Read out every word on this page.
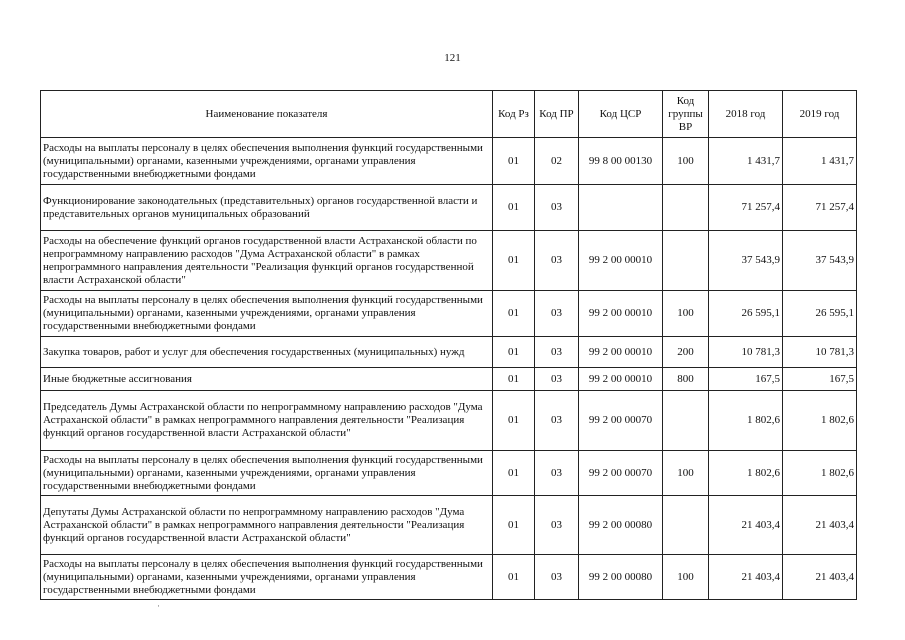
121
Наименование показателя	Код Рз	Код ПР	Код ЦСР	Код группы ВР	2018 год	2019 год
Расходы на выплаты персоналу в целях обеспечения выполнения функций государственными (муниципальными) органами, казенными учреждениями, органами управления государственными внебюджетными фондами	01	02	99 8 00 00130	100	1 431,7	1 431,7
Функционирование законодательных (представительных) органов государственной власти и представительных органов муниципальных образований	01	03			71 257,4	71 257,4
Расходы на обеспечение функций органов государственной власти Астраханской области по непрограммному направлению расходов "Дума Астраханской области" в рамках непрограммного направления деятельности "Реализация функций органов государственной власти Астраханской области"	01	03	99 2 00 00010		37 543,9	37 543,9
Расходы на выплаты персоналу в целях обеспечения выполнения функций государственными (муниципальными) органами, казенными учреждениями, органами управления государственными внебюджетными фондами	01	03	99 2 00 00010	100	26 595,1	26 595,1
Закупка товаров, работ и услуг для обеспечения государственных (муниципальных) нужд	01	03	99 2 00 00010	200	10 781,3	10 781,3
Иные бюджетные ассигнования	01	03	99 2 00 00010	800	167,5	167,5
Председатель Думы Астраханской области по непрограммному направлению расходов "Дума Астраханской области" в рамках непрограммного направления деятельности "Реализация функций органов государственной власти Астраханской области"	01	03	99 2 00 00070		1 802,6	1 802,6
Расходы на выплаты персоналу в целях обеспечения выполнения функций государственными (муниципальными) органами, казенными учреждениями, органами управления государственными внебюджетными фондами	01	03	99 2 00 00070	100	1 802,6	1 802,6
Депутаты Думы Астраханской области по непрограммному направлению расходов "Дума Астраханской области" в рамках непрограммного направления деятельности "Реализация функций органов государственной власти Астраханской области"	01	03	99 2 00 00080		21 403,4	21 403,4
Расходы на выплаты персоналу в целях обеспечения выполнения функций государственными (муниципальными) органами, казенными учреждениями, органами управления государственными внебюджетными фондами	01	03	99 2 00 00080	100	21 403,4	21 403,4
·
